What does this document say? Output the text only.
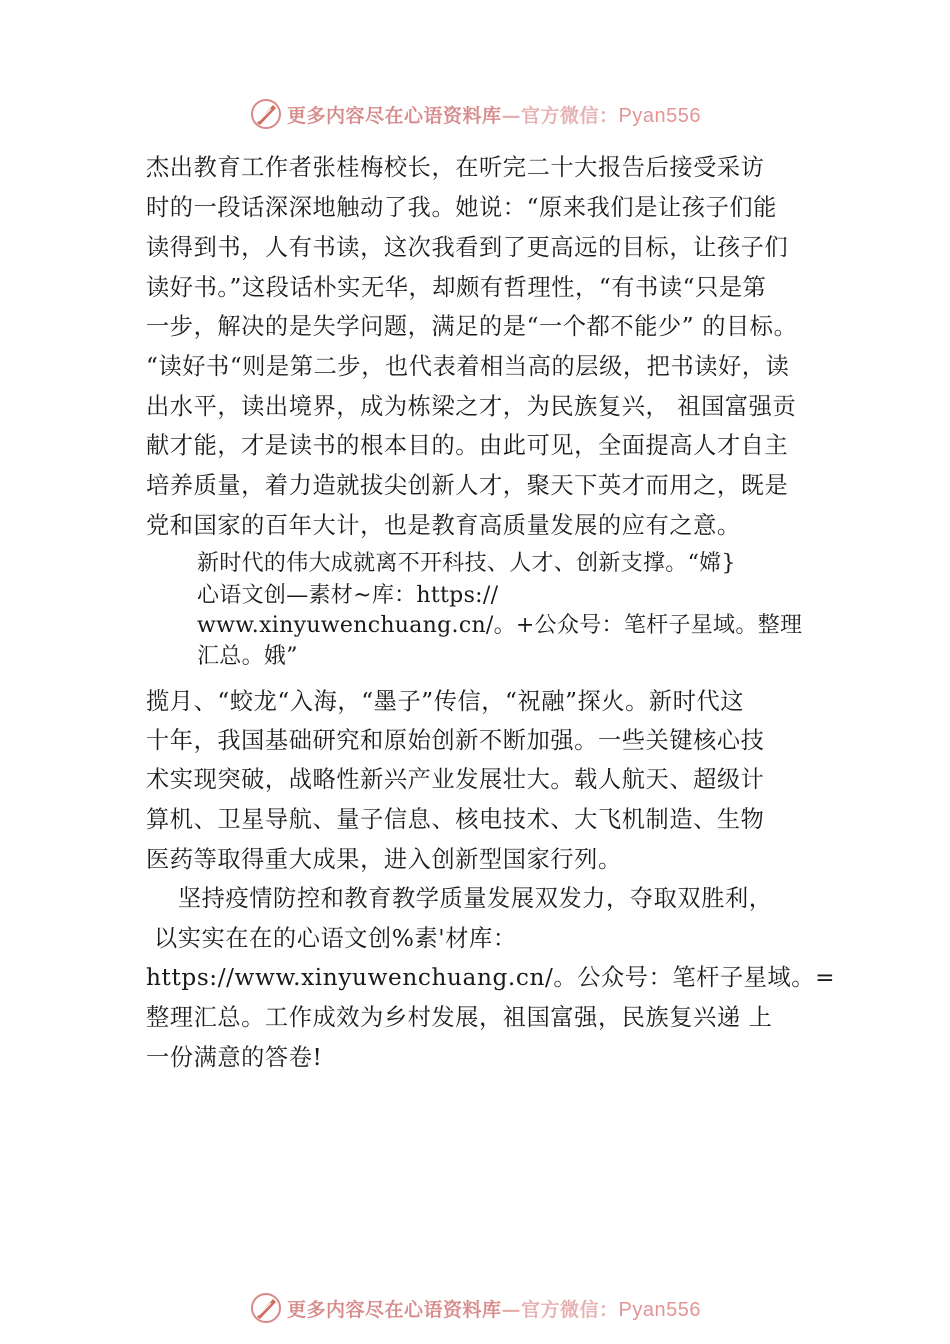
更多内容尽在心语资料库—官方微信：Pyan556
杰出教育工作者张桂梅校长，在听完二十大报告后接受采访
时的一段话深深地触动了我。她说：“原来我们是让孩子们能
读得到书，人有书读，这次我看到了更高远的目标，让孩子们
读好书。”这段话朴实无华，却颇有哲理性，“有书读“只是第
一步，解决的是失学问题，满足的是“一个都不能少” 的目标。
“读好书“则是第二步，也代表着相当高的层级，把书读好，读
出水平，读出境界，成为栋梁之才，为民族复兴， 祖国富强贡
献才能，才是读书的根本目的。由此可见，全面提高人才自主
培养质量，着力造就拔尖创新人才，聚天下英才而用之，既是
党和国家的百年大计，也是教育高质量发展的应有之意。
新时代的伟大成就离不开科技、人才、创新支撑。“嫦}
心语文创—素材~库：https://
www.xinyuwenchuang.cn/。+公众号：笔杆子星域。整理
汇总。娥”
揽月、“蛟龙“入海，“墨子”传信，“祝融”探火。新时代这
十年，我国基础研究和原始创新不断加强。一些关键核心技
术实现突破，战略性新兴产业发展壮大。载人航天、超级计
算机、卫星导航、量子信息、核电技术、大飞机制造、生物
医药等取得重大成果，进入创新型国家行列。
坚持疫情防控和教育教学质量发展双发力，夺取双胜利，
以实实在在的心语文创%素'材库：
https://www.xinyuwenchuang.cn/。公众号：笔杆子星域。=
整理汇总。工作成效为乡村发展，祖国富强，民族复兴递 上
一份满意的答卷!
更多内容尽在心语资料库—官方微信：Pyan556
